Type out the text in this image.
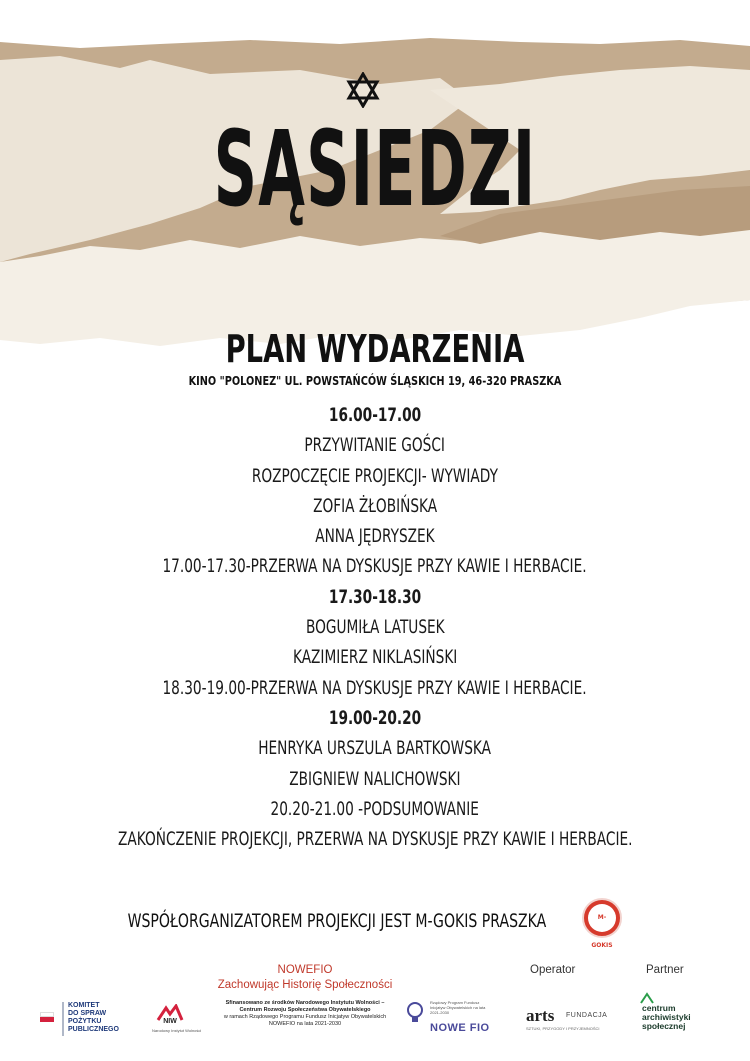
SĄSIEDZI
PLAN WYDARZENIA
KINO "POLONEZ" UL. POWSTAŃCÓW ŚLĄSKICH 19, 46-320 PRASZKA
16.00-17.00
PRZYWITANIE GOŚCI
ROZPOCZĘCIE PROJEKCJI- WYWIADY
ZOFIA ŻŁOBIŃSKA
ANNA JĘDRYSZEK
17.00-17.30-PRZERWA NA DYSKUSJE PRZY KAWIE I HERBACIE.
17.30-18.30
BOGUMIŁA LATUSEK
KAZIMIERZ NIKLASIŃSKI
18.30-19.00-PRZERWA NA DYSKUSJE PRZY KAWIE I HERBACIE.
19.00-20.20
HENRYKA URSZULA BARTKOWSKA
ZBIGNIEW NALICHOWSKI
20.20-21.00 -PODSUMOWANIE
ZAKOŃCZENIE PROJEKCJI, PRZERWA NA DYSKUSJE PRZY KAWIE I HERBACIE.
WSPÓŁORGANIZATOREM PROJEKCJI JEST M-GOKIS PRASZKA	M-GOKIS
NOWEFIO
Zachowując Historię Społeczności
Operator	Partner
KOMITET
DO SPRAW
POŻYTKU
PUBLICZNEGO
NIW
Narodowy Instytut Wolności
Sfinansowano ze środków Narodowego Instytutu Wolności –
Centrum Rozwoju Społeczeństwa Obywatelskiego
w ramach Rządowego Programu Fundusz Inicjatyw Obywatelskich
NOWEFIO na lata 2021-2030
Rządowy Program Fundusz Inicjatyw Obywatelskich na lata 2021-2030
NOWE FIO
arts FUNDACJA
SZTUKI, PRZYGODY I PRZYJEMNOŚCI
centrum
archiwistyki
społecznej
